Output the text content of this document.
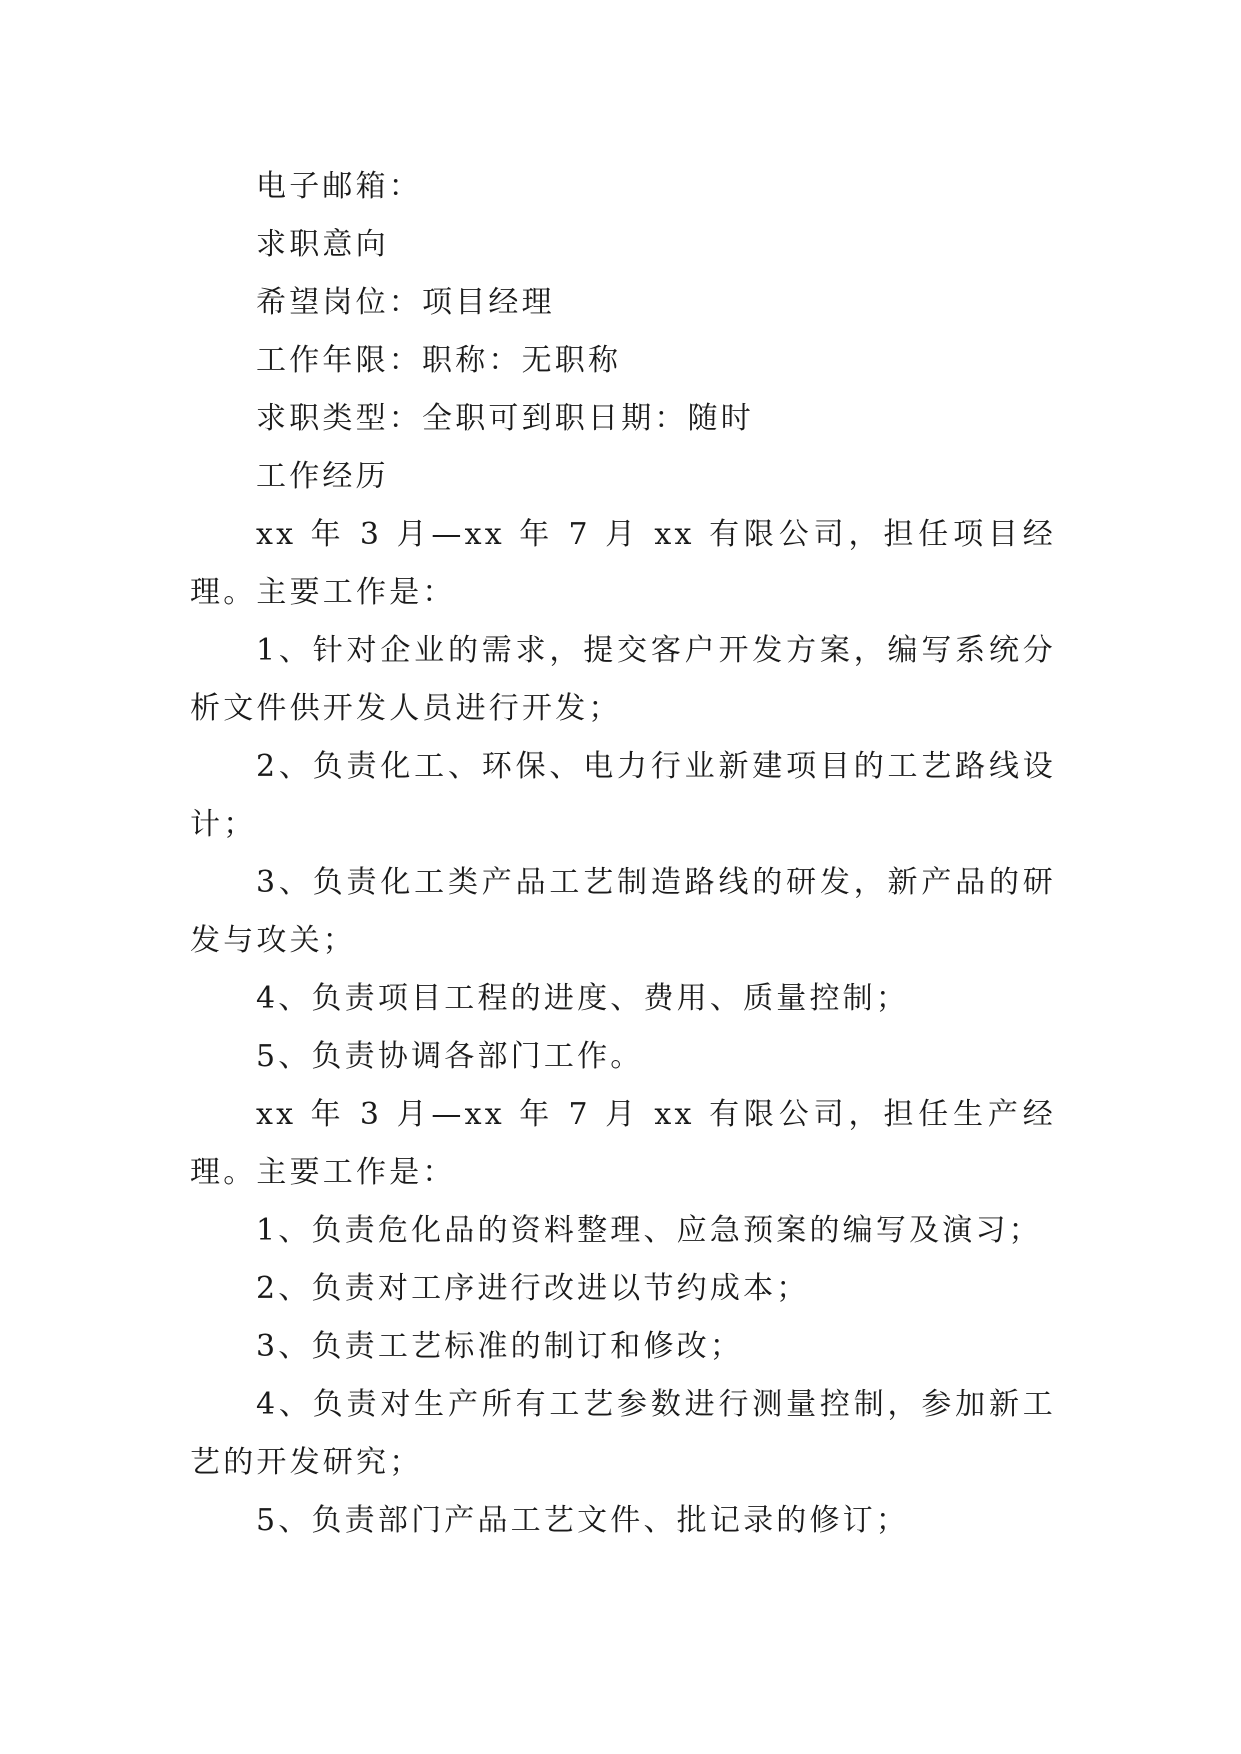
电子邮箱：

求职意向

希望岗位：项目经理

工作年限：职称：无职称

求职类型：全职可到职日期：随时

工作经历

xx 年 3 月—xx 年 7 月 xx 有限公司，担任项目经理。主要工作是：

1、针对企业的需求，提交客户开发方案，编写系统分析文件供开发人员进行开发；

2、负责化工、环保、电力行业新建项目的工艺路线设计；

3、负责化工类产品工艺制造路线的研发，新产品的研发与攻关；

4、负责项目工程的进度、费用、质量控制；

5、负责协调各部门工作。

xx 年 3 月—xx 年 7 月 xx 有限公司，担任生产经理。主要工作是：

1、负责危化品的资料整理、应急预案的编写及演习；

2、负责对工序进行改进以节约成本；

3、负责工艺标准的制订和修改；

4、负责对生产所有工艺参数进行测量控制，参加新工艺的开发研究；

5、负责部门产品工艺文件、批记录的修订；
